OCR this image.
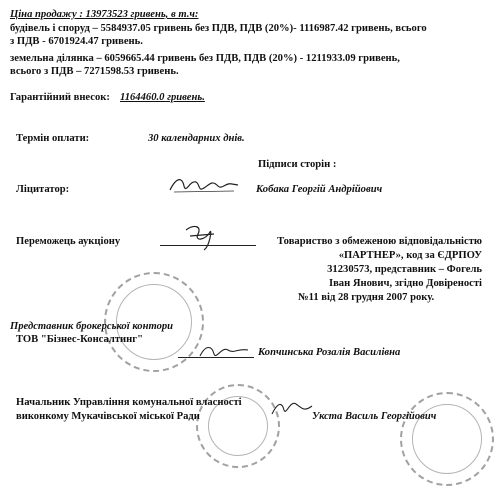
Ціна продажу : 13973523 гривень, в т.ч:
будівель і споруд – 5584937.05 гривень без ПДВ, ПДВ (20%)- 1116987.42 гривень, всього
з ПДВ - 6701924.47 гривень.
земельна ділянка – 6059665.44 гривень без ПДВ, ПДВ (20%) - 1211933.09 гривень,
всього з ПДВ – 7271598.53 гривень.
Гарантійний внесок: 1164460.0 гривень.
Термін оплати:	30 календарних днів.
Підписи сторін :
Ліцитатор:	Кобака Георгій Андрійович
Переможець аукціону	Товариство з обмеженою відповідальністю
«ПАРТНЕР», код за ЄДРПОУ
31230573, представник – Фогель
Іван Янович, згідно Довіреності
№11 від 28 грудня 2007 року.
Представник брокерської контори
ТОВ "Бізнес-Консалтинг"
Копчинська Розалія Василівна
Начальник Управління комунальної власності
виконкому Мукачівської міської Ради	Укста Василь Георгійович
